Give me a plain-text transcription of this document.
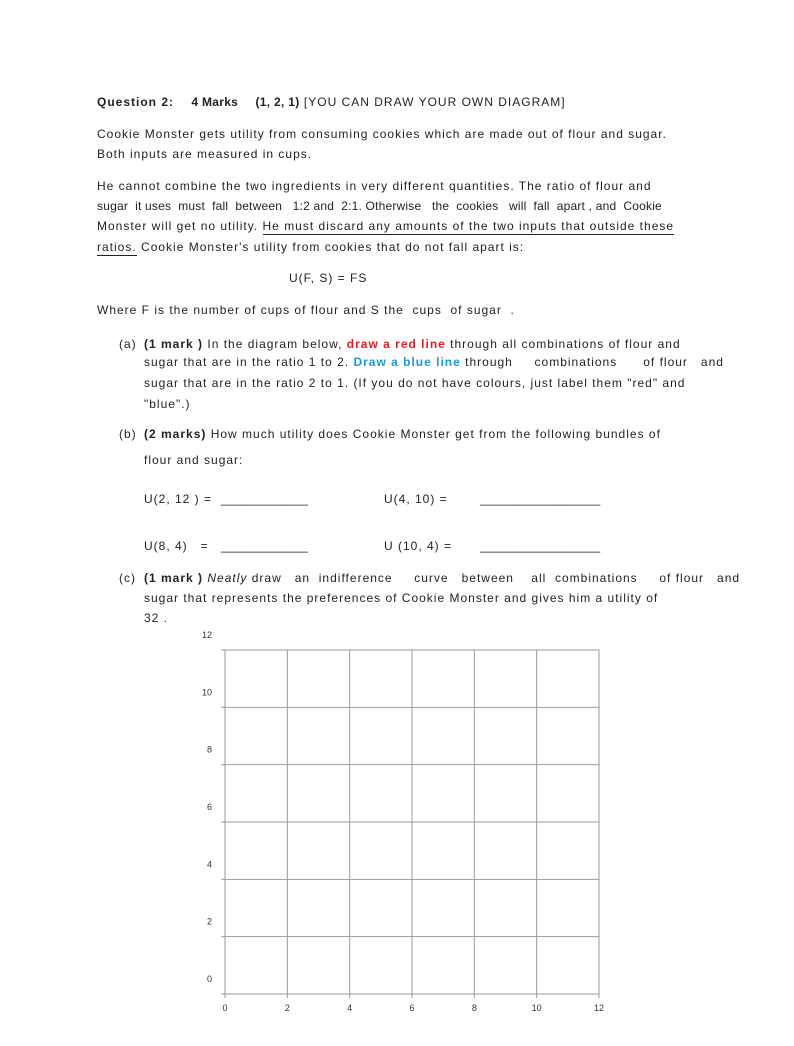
Question 2: 4 Marks (1, 2, 1) [YOU CAN DRAW YOUR OWN DIAGRAM]
Cookie Monster gets utility from consuming cookies which are made out of flour and sugar.
Both inputs are measured in cups.
He cannot combine the two ingredients in very different quantities. The ratio of flour and
sugar  it uses  must  fall  between   1:2 and  2:1. Otherwise   the  cookies   will  fall  apart , and  Cookie
Monster will get no utility. He must discard any amounts of the two inputs that outside these
ratios. Cookie Monster's utility from cookies that do not fall apart is:
U(F, S) = FS
Where F is the number of cups of flour and S the  cups  of sugar  .
(a) (1 mark ) In the diagram below, draw a red line through all combinations of flour and
sugar that are in the ratio 1 to 2. Draw a blue line through     combinations      of flour   and
sugar that are in the ratio 2 to 1. (If you do not have colours, just label them "red" and
"blue".)
(b) (2 marks) How much utility does Cookie Monster get from the following bundles of
flour and sugar:
U(2, 12 ) = _____________	U(4, 10) =	__________________
U(8, 4)   = _____________	U (10, 4) = __________________
(c) (1 mark ) Neatly draw   an  indifference     curve   between    all  combinations     of flour   and
sugar that represents the preferences of Cookie Monster and gives him a utility of
32 .
0	2	4	6	8	10	12
0
2
4
6
8
10
12
